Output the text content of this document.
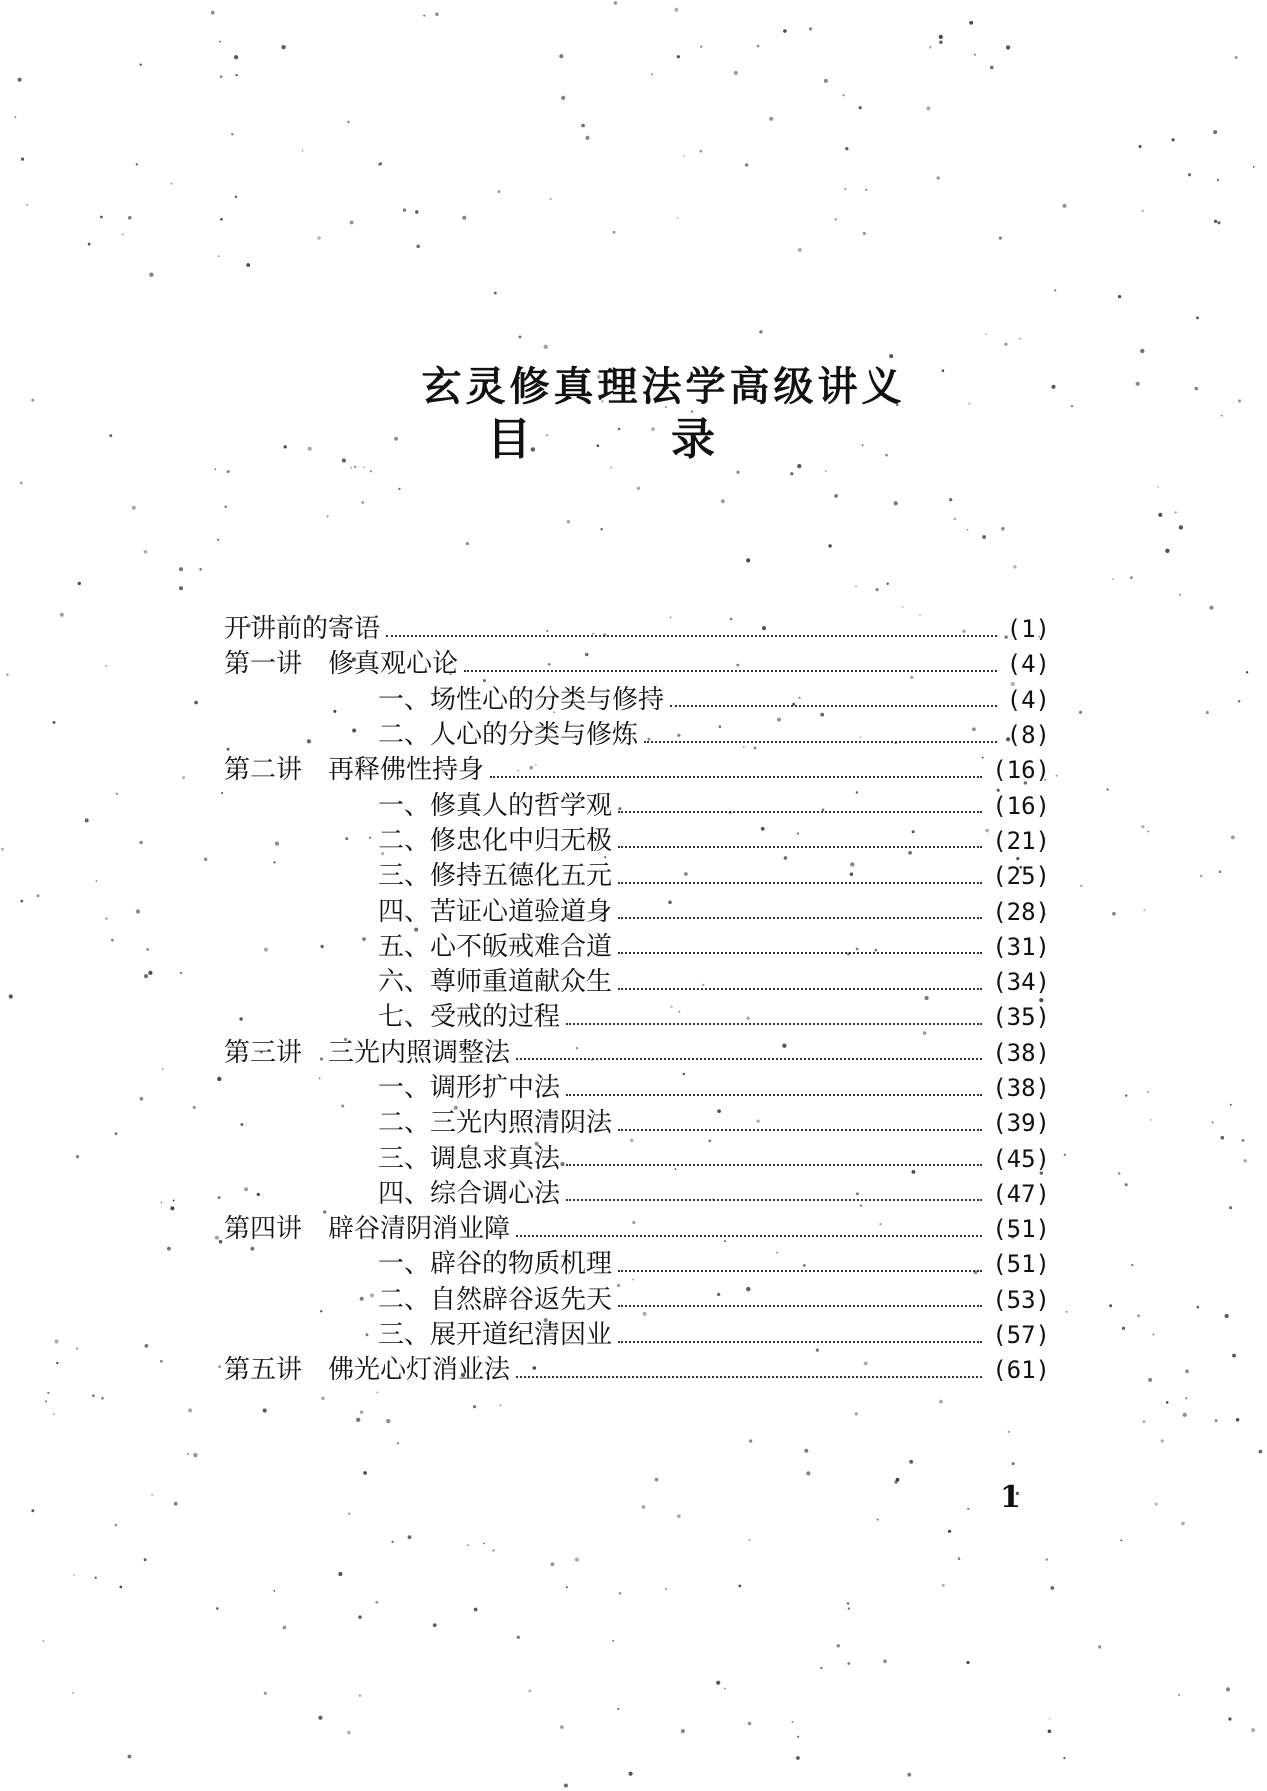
玄灵修真理法学高级讲义
目录
开讲前的寄语	(1)
第一讲 修真观心论	(4)
一、场性心的分类与修持	(4)
二、人心的分类与修炼	(8)
第二讲 再释佛性持身	(16)
一、修真人的哲学观	(16)
二、修忠化中归无极	(21)
三、修持五德化五元	(25)
四、苦证心道验道身	(28)
五、心不皈戒难合道	(31)
六、尊师重道献众生	(34)
七、受戒的过程	(35)
第三讲 三光内照调整法	(38)
一、调形扩中法	(38)
二、三光内照清阴法	(39)
三、调息求真法	(45)
四、综合调心法	(47)
第四讲 辟谷清阴消业障	(51)
一、辟谷的物质机理	(51)
二、自然辟谷返先天	(53)
三、展开道纪清因业	(57)
第五讲 佛光心灯消业法	(61)
1
